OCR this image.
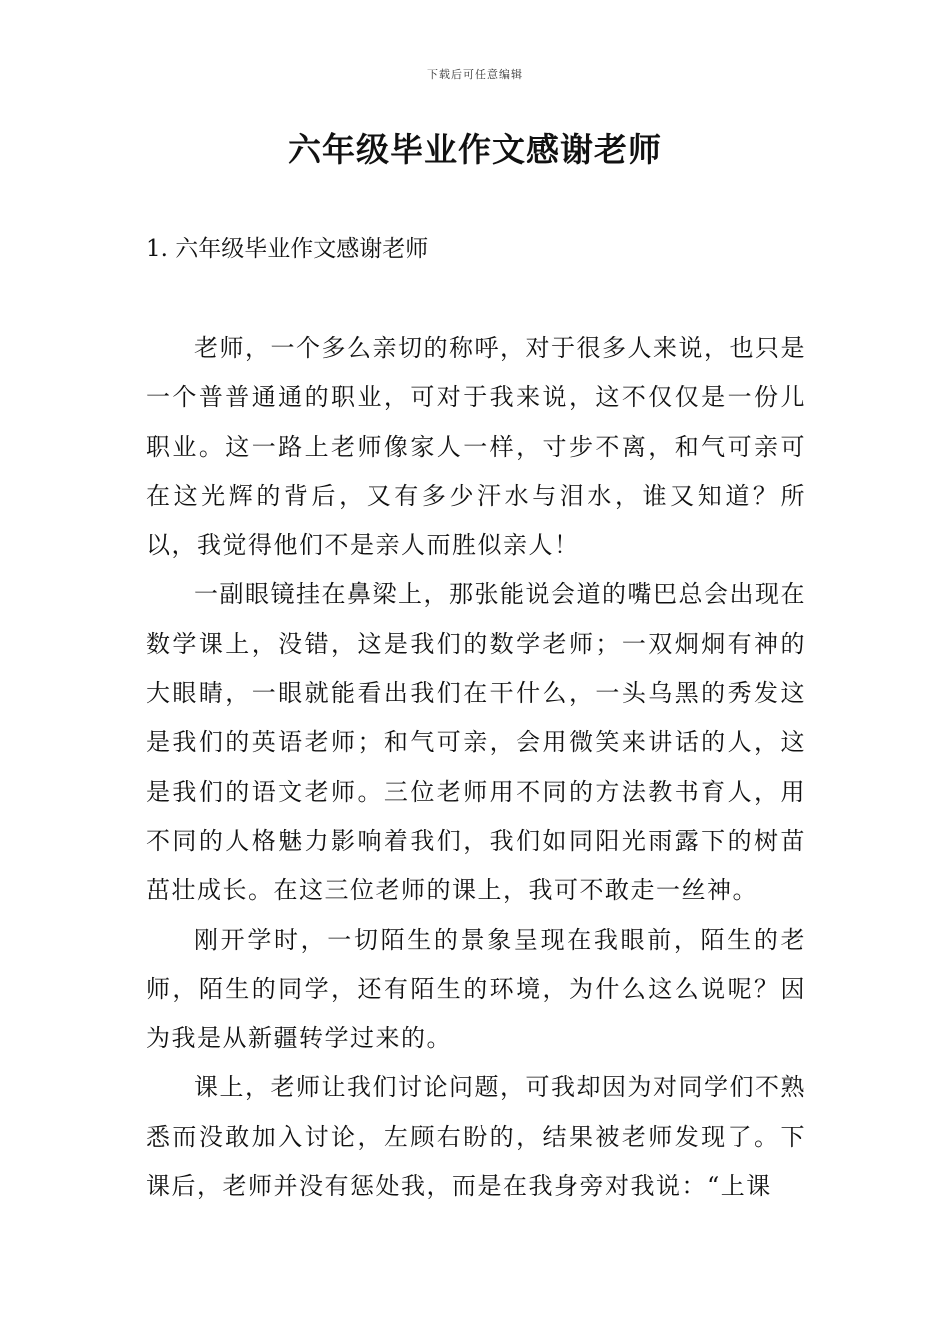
下载后可任意编辑
六年级毕业作文感谢老师
1. 六年级毕业作文感谢老师

老师，一个多么亲切的称呼，对于很多人来说，也只是一个普普通通的职业，可对于我来说，这不仅仅是一份儿职业。这一路上老师像家人一样，寸步不离，和气可亲可在这光辉的背后，又有多少汗水与泪水，谁又知道？所以，我觉得他们不是亲人而胜似亲人！

一副眼镜挂在鼻梁上，那张能说会道的嘴巴总会出现在数学课上，没错，这是我们的数学老师；一双炯炯有神的大眼睛，一眼就能看出我们在干什么，一头乌黑的秀发这是我们的英语老师；和气可亲，会用微笑来讲话的人，这是我们的语文老师。三位老师用不同的方法教书育人，用不同的人格魅力影响着我们，我们如同阳光雨露下的树苗茁壮成长。在这三位老师的课上，我可不敢走一丝神。

刚开学时，一切陌生的景象呈现在我眼前，陌生的老师，陌生的同学，还有陌生的环境，为什么这么说呢？因为我是从新疆转学过来的。

课上，老师让我们讨论问题，可我却因为对同学们不熟悉而没敢加入讨论，左顾右盼的，结果被老师发现了。下课后，老师并没有惩处我，而是在我身旁对我说：“上课
